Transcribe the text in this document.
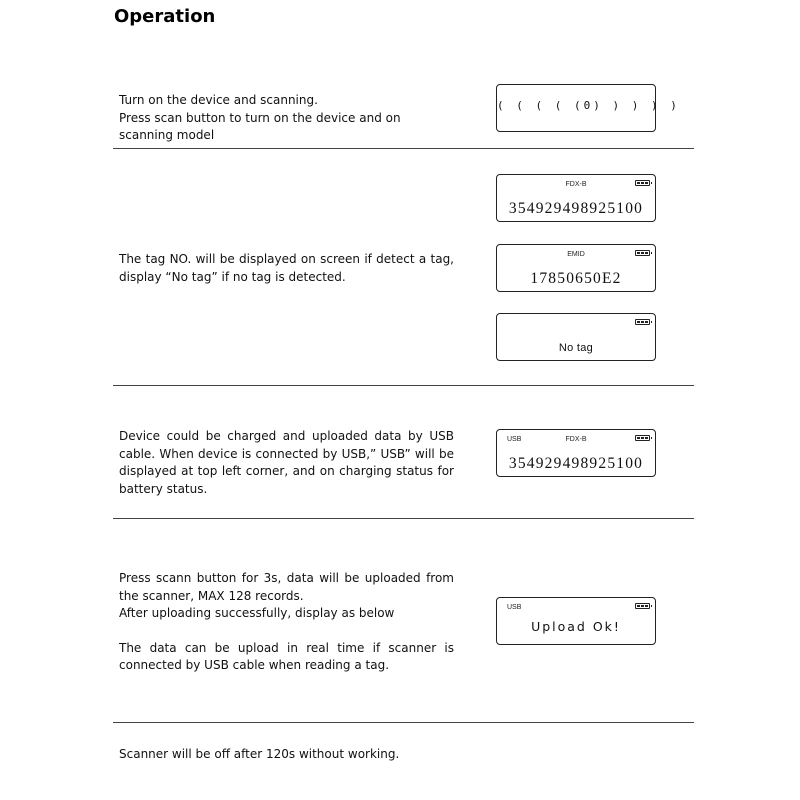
Operation

Turn on the device and scanning.

Press scan button to turn on the device and on scanning model

( ( ( ( (0) ) ) ) )

The tag NO. will be displayed on screen if detect a tag, display “No tag” if no tag is detected.

FDX-B
354929498925100
EMID
17850650E2
No tag

Device could be charged and uploaded data by USB cable. When device is connected by USB,” USB” will be displayed at top left corner, and on charging status for battery status.

USB	FDX-B
354929498925100

Press scann button for 3s, data will be uploaded from the scanner, MAX 128 records.

After uploading successfully, display as below

The data can be upload in real time if scanner is connected by USB cable when reading a tag.

USB
Upload Ok!

Scanner will be off after 120s without working.
